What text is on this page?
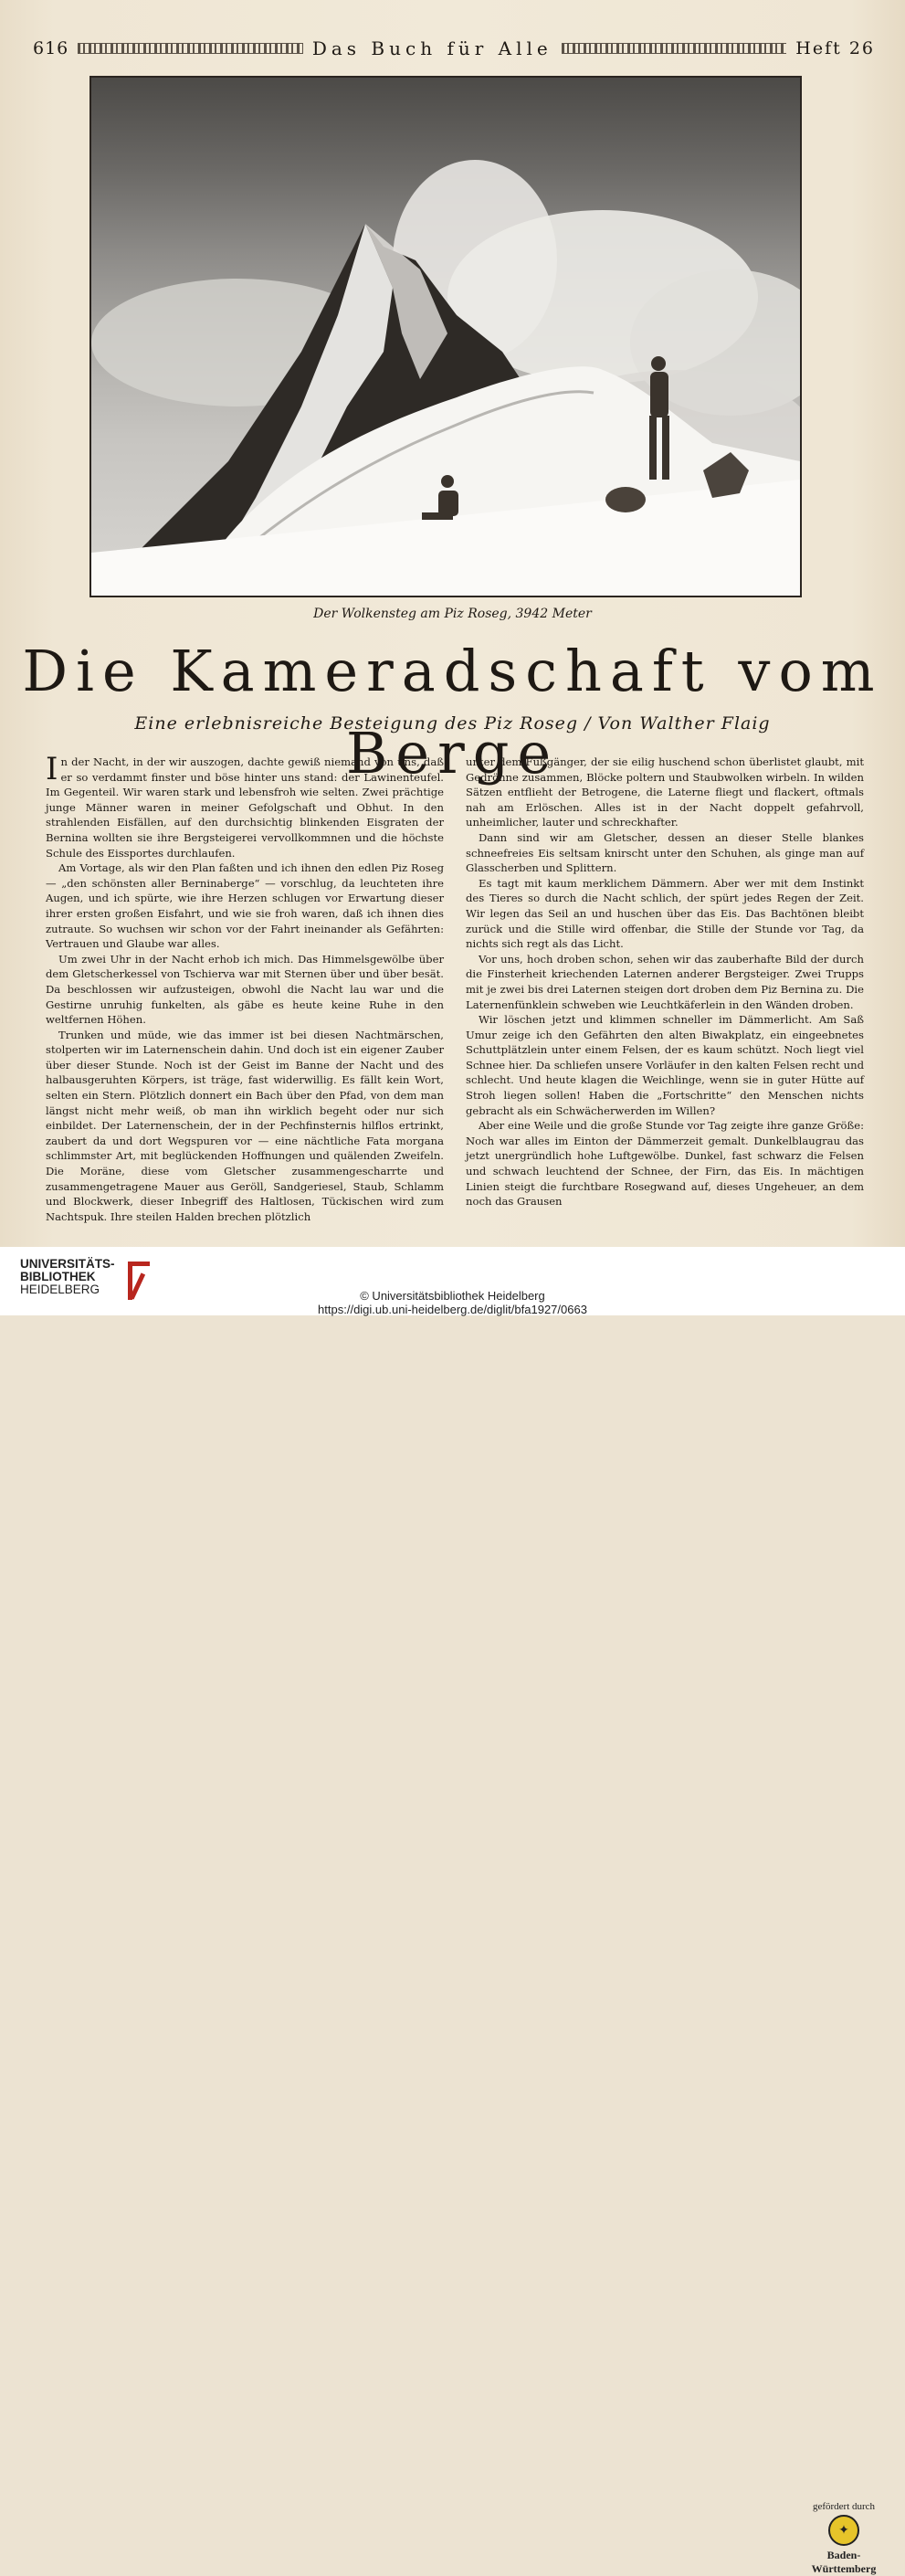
616	Das Buch für Alle	Heft 26
Der Wolkensteg am Piz Roseg, 3942 Meter
Die Kameradschaft vom Berge
Eine erlebnisreiche Besteigung des Piz Roseg / Von Walther Flaig

In der Nacht, in der wir auszogen, dachte gewiß niemand von uns, daß er so verdammt finster und böse hinter uns stand: der Lawinenteufel. Im Gegenteil. Wir waren stark und lebensfroh wie selten. Zwei prächtige junge Männer waren in meiner Gefolgschaft und Obhut. In den strahlenden Eisfällen, auf den durchsichtig blinkenden Eisgraten der Bernina wollten sie ihre Bergsteigerei vervollkommnen und die höchste Schule des Eissportes durchlaufen.

Am Vortage, als wir den Plan faßten und ich ihnen den edlen Piz Roseg — „den schönsten aller Berninaberge“ — vorschlug, da leuchteten ihre Augen, und ich spürte, wie ihre Herzen schlugen vor Erwartung dieser ihrer ersten großen Eisfahrt, und wie sie froh waren, daß ich ihnen dies zutraute. So wuchsen wir schon vor der Fahrt ineinander als Gefährten: Vertrauen und Glaube war alles.

Um zwei Uhr in der Nacht erhob ich mich. Das Himmelsgewölbe über dem Gletscherkessel von Tschierva war mit Sternen über und über besät. Da beschlossen wir aufzusteigen, obwohl die Nacht lau war und die Gestirne unruhig funkelten, als gäbe es heute keine Ruhe in den weltfernen Höhen.

Trunken und müde, wie das immer ist bei diesen Nachtmärschen, stolperten wir im Laternenschein dahin. Und doch ist ein eigener Zauber über dieser Stunde. Noch ist der Geist im Banne der Nacht und des halbausgeruhten Körpers, ist träge, fast widerwillig. Es fällt kein Wort, selten ein Stern. Plötzlich donnert ein Bach über den Pfad, von dem man längst nicht mehr weiß, ob man ihn wirklich begeht oder nur sich einbildet. Der Laternenschein, der in der Pechfinsternis hilflos ertrinkt, zaubert da und dort Wegspuren vor — eine nächtliche Fata morgana schlimmster Art, mit beglückenden Hoffnungen und quälenden Zweifeln. Die Moräne, diese vom Gletscher zusammengescharrte und zusammengetragene Mauer aus Geröll, Sandgeriesel, Staub, Schlamm und Blockwerk, dieser Inbegriff des Haltlosen, Tückischen wird zum Nachtspuk. Ihre steilen Halden brechen plötzlich

unter dem Fußgänger, der sie eilig huschend schon überlistet glaubt, mit Gedröhne zusammen, Blöcke poltern und Staubwolken wirbeln. In wilden Sätzen entflieht der Betrogene, die Laterne fliegt und flackert, oftmals nah am Erlöschen. Alles ist in der Nacht doppelt gefahrvoll, unheimlicher, lauter und schreckhafter.

Dann sind wir am Gletscher, dessen an dieser Stelle blankes schneefreies Eis seltsam knirscht unter den Schuhen, als ginge man auf Glasscherben und Splittern.

Es tagt mit kaum merklichem Dämmern. Aber wer mit dem Instinkt des Tieres so durch die Nacht schlich, der spürt jedes Regen der Zeit. Wir legen das Seil an und huschen über das Eis. Das Bachtönen bleibt zurück und die Stille wird offenbar, die Stille der Stunde vor Tag, da nichts sich regt als das Licht.

Vor uns, hoch droben schon, sehen wir das zauberhafte Bild der durch die Finsterheit kriechenden Laternen anderer Bergsteiger. Zwei Trupps mit je zwei bis drei Laternen steigen dort droben dem Piz Bernina zu. Die Laternenfünklein schweben wie Leuchtkäferlein in den Wänden droben.

Wir löschen jetzt und klimmen schneller im Dämmerlicht. Am Saß Umur zeige ich den Gefährten den alten Biwakplatz, ein eingeebnetes Schuttplätzlein unter einem Felsen, der es kaum schützt. Noch liegt viel Schnee hier. Da schliefen unsere Vorläufer in den kalten Felsen recht und schlecht. Und heute klagen die Weichlinge, wenn sie in guter Hütte auf Stroh liegen sollen! Haben die „Fortschritte“ den Menschen nichts gebracht als ein Schwächerwerden im Willen?

Aber eine Weile und die große Stunde vor Tag zeigte ihre ganze Größe: Noch war alles im Einton der Dämmerzeit gemalt. Dunkelblaugrau das jetzt unergründlich hohe Luftgewölbe. Dunkel, fast schwarz die Felsen und schwach leuchtend der Schnee, der Firn, das Eis. In mächtigen Linien steigt die furchtbare Rosegwand auf, dieses Ungeheuer, an dem noch das Grausen

UNIVERSITÄTS-
BIBLIOTHEK
HEIDELBERG
gefördert durch
✦
Baden-Württemberg
© Universitätsbibliothek Heidelberg
https://digi.ub.uni-heidelberg.de/diglit/bfa1927/0663
